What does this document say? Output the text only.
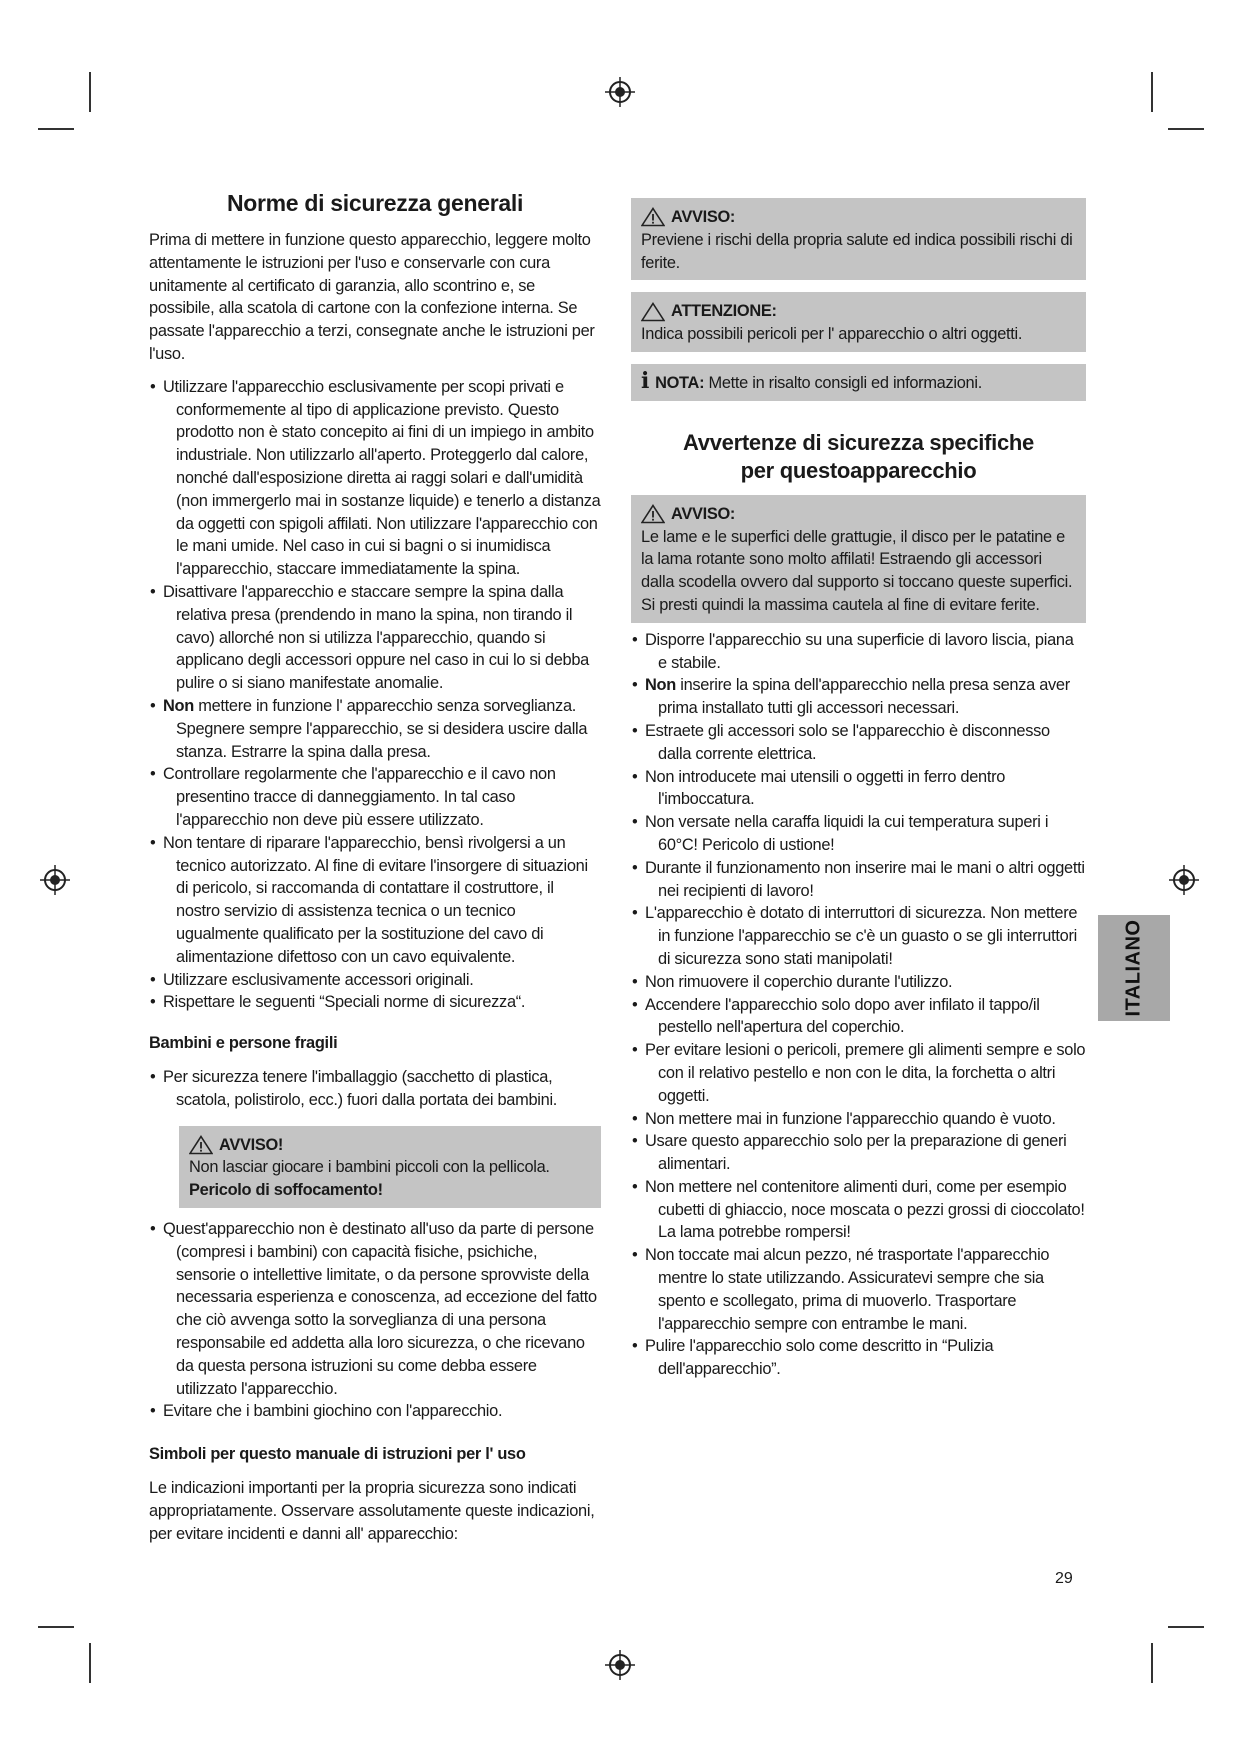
Norme di sicurezza generali

Prima di mettere in funzione questo apparecchio, leggere molto attentamente le istruzioni per l'uso e conservarle con cura unitamente al certificato di garanzia, allo scontrino e, se possibile, alla scatola di cartone con la confezione interna. Se passate l'apparecchio a terzi, consegnate anche le istruzioni per l'uso.

• Utilizzare l'apparecchio esclusivamente per scopi privati e conformemente al tipo di applicazione previsto. Questo prodotto non è stato concepito ai fini di un impiego in ambito industriale. Non utilizzarlo all'aperto. Proteggerlo dal calore, nonché dall'esposizione diretta ai raggi solari e dall'umidità (non immergerlo mai in sostanze liquide) e tenerlo a distanza da oggetti con spigoli affilati. Non utilizzare l'apparecchio con le mani umide. Nel caso in cui si bagni o si inumidisca l'apparecchio, staccare immediatamente la spina.
• Disattivare l'apparecchio e staccare sempre la spina dalla relativa presa (prendendo in mano la spina, non tirando il cavo) allorché non si utilizza l'apparecchio, quando si applicano degli accessori oppure nel caso in cui lo si debba pulire o si siano manifestate anomalie.
• Non mettere in funzione l' apparecchio senza sorveglianza. Spegnere sempre l'apparecchio, se si desidera uscire dalla stanza. Estrarre la spina dalla presa.
• Controllare regolarmente che l'apparecchio e il cavo non presentino tracce di danneggiamento. In tal caso l'apparecchio non deve più essere utilizzato.
• Non tentare di riparare l'apparecchio, bensì rivolgersi a un tecnico autorizzato. Al fine di evitare l'insorgere di situazioni di pericolo, si raccomanda di contattare il costruttore, il nostro servizio di assistenza tecnica o un tecnico ugualmente qualificato per la sostituzione del cavo di alimentazione difettoso con un cavo equivalente.
• Utilizzare esclusivamente accessori originali.
• Rispettare le seguenti “Speciali norme di sicurezza“.
Bambini e persone fragili
• Per sicurezza tenere l'imballaggio (sacchetto di plastica, scatola, polistirolo, ecc.) fuori dalla portata dei bambini.
AVVISO!
Non lasciar giocare i bambini piccoli con la pellicola.
Pericolo di soffocamento!
• Quest'apparecchio non è destinato all'uso da parte di persone (compresi i bambini) con capacità fisiche, psichiche, sensorie o intellettive limitate, o da persone sprovviste della necessaria esperienza e conoscenza, ad eccezione del fatto che ciò avvenga sotto la sorveglianza di una persona responsabile ed addetta alla loro sicurezza, o che ricevano da questa persona istruzioni su come debba essere utilizzato l'apparecchio.
• Evitare che i bambini giochino con l'apparecchio.
Simboli per questo manuale di istruzioni per l' uso

Le indicazioni importanti per la propria sicurezza sono indicati appropriatamente. Osservare assolutamente queste indicazioni, per evitare incidenti e danni all' apparecchio:

AVVISO:
Previene i rischi della propria salute ed indica possibili rischi di ferite.
ATTENZIONE:
Indica possibili pericoli per l' apparecchio o altri oggetti.
i NOTA: Mette in risalto consigli ed informazioni.
Avvertenze di sicurezza specifiche
per questoapparecchio
AVVISO:
Le lame e le superfici delle grattugie, il disco per le patatine e la lama rotante sono molto affilati! Estraendo gli accessori dalla scodella ovvero dal supporto si toccano queste superfici. Si presti quindi la massima cautela al fine di evitare ferite.
• Disporre l'apparecchio su una superficie di lavoro liscia, piana e stabile.
• Non inserire la spina dell'apparecchio nella presa senza aver prima installato tutti gli accessori necessari.
• Estraete gli accessori solo se l'apparecchio è disconnesso dalla corrente elettrica.
• Non introducete mai utensili o oggetti in ferro dentro l'imboccatura.
• Non versate nella caraffa liquidi la cui temperatura superi i 60°C! Pericolo di ustione!
• Durante il funzionamento non inserire mai le mani o altri oggetti nei recipienti di lavoro!
• L'apparecchio è dotato di interruttori di sicurezza. Non mettere in funzione l'apparecchio se c'è un guasto o se gli interruttori di sicurezza sono stati manipolati!
• Non rimuovere il coperchio durante l'utilizzo.
• Accendere l'apparecchio solo dopo aver infilato il tappo/il pestello nell'apertura del coperchio.
• Per evitare lesioni o pericoli, premere gli alimenti sempre e solo con il relativo pestello e non con le dita, la forchetta o altri oggetti.
• Non mettere mai in funzione l'apparecchio quando è vuoto.
• Usare questo apparecchio solo per la preparazione di generi alimentari.
• Non mettere nel contenitore alimenti duri, come per esempio cubetti di ghiaccio, noce moscata o pezzi grossi di cioccolato! La lama potrebbe rompersi!
• Non toccate mai alcun pezzo, né trasportate l'apparecchio mentre lo state utilizzando. Assicuratevi sempre che sia spento e scollegato, prima di muoverlo. Trasportare l'apparecchio sempre con entrambe le mani.
• Pulire l'apparecchio solo come descritto in “Pulizia dell'apparecchio”.
ITALIANO
29
